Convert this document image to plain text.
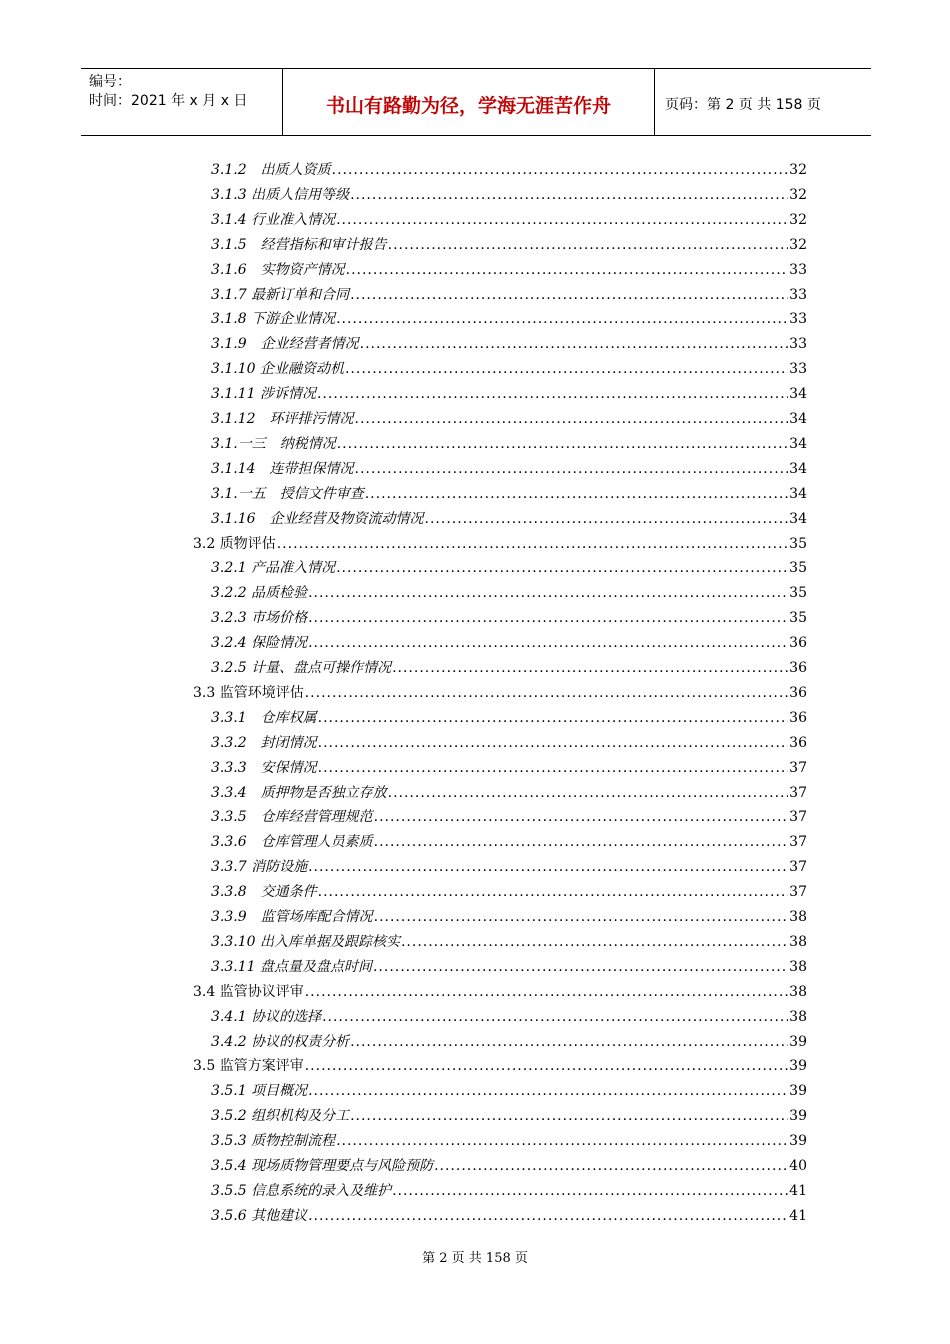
编号：
时间：2021 年 x 月 x 日	书山有路勤为径，学海无涯苦作舟	页码：第 2 页 共 158 页
3.1.2　出质人资质 .....	32
3.1.3 出质人信用等级 .....	32
3.1.4 行业准入情况 .....	32
3.1.5　经营指标和审计报告 .....	32
3.1.6　实物资产情况 .....	33
3.1.7 最新订单和合同 .....	33
3.1.8 下游企业情况 .....	33
3.1.9　企业经营者情况 .....	33
3.1.10 企业融资动机 .....	33
3.1.11 涉诉情况 .....	34
3.1.12　环评排污情况 .....	34
3.1.一三　纳税情况 .....	34
3.1.14　连带担保情况 .....	34
3.1.一五　授信文件审查 .....	34
3.1.16　企业经营及物资流动情况 .....	34
3.2 质物评估 .....	35
3.2.1 产品准入情况 .....	35
3.2.2 品质检验 .....	35
3.2.3 市场价格 .....	35
3.2.4 保险情况 .....	36
3.2.5 计量、盘点可操作情况 .....	36
3.3 监管环境评估 .....	36
3.3.1　仓库权属 .....	36
3.3.2　封闭情况 .....	36
3.3.3　安保情况 .....	37
3.3.4　质押物是否独立存放 .....	37
3.3.5　仓库经营管理规范 .....	37
3.3.6　仓库管理人员素质 .....	37
3.3.7 消防设施 .....	37
3.3.8　交通条件 .....	37
3.3.9　监管场库配合情况 .....	38
3.3.10 出入库单据及跟踪核实 .....	38
3.3.11 盘点量及盘点时间 .....	38
3.4 监管协议评审 .....	38
3.4.1 协议的选择 .....	38
3.4.2 协议的权责分析 .....	39
3.5 监管方案评审 .....	39
3.5.1 项目概况 .....	39
3.5.2 组织机构及分工 .....	39
3.5.3 质物控制流程 .....	39
3.5.4 现场质物管理要点与风险预防 .....	40
3.5.5 信息系统的录入及维护 .....	41
3.5.6 其他建议 .....	41
第 2 页 共 158 页
